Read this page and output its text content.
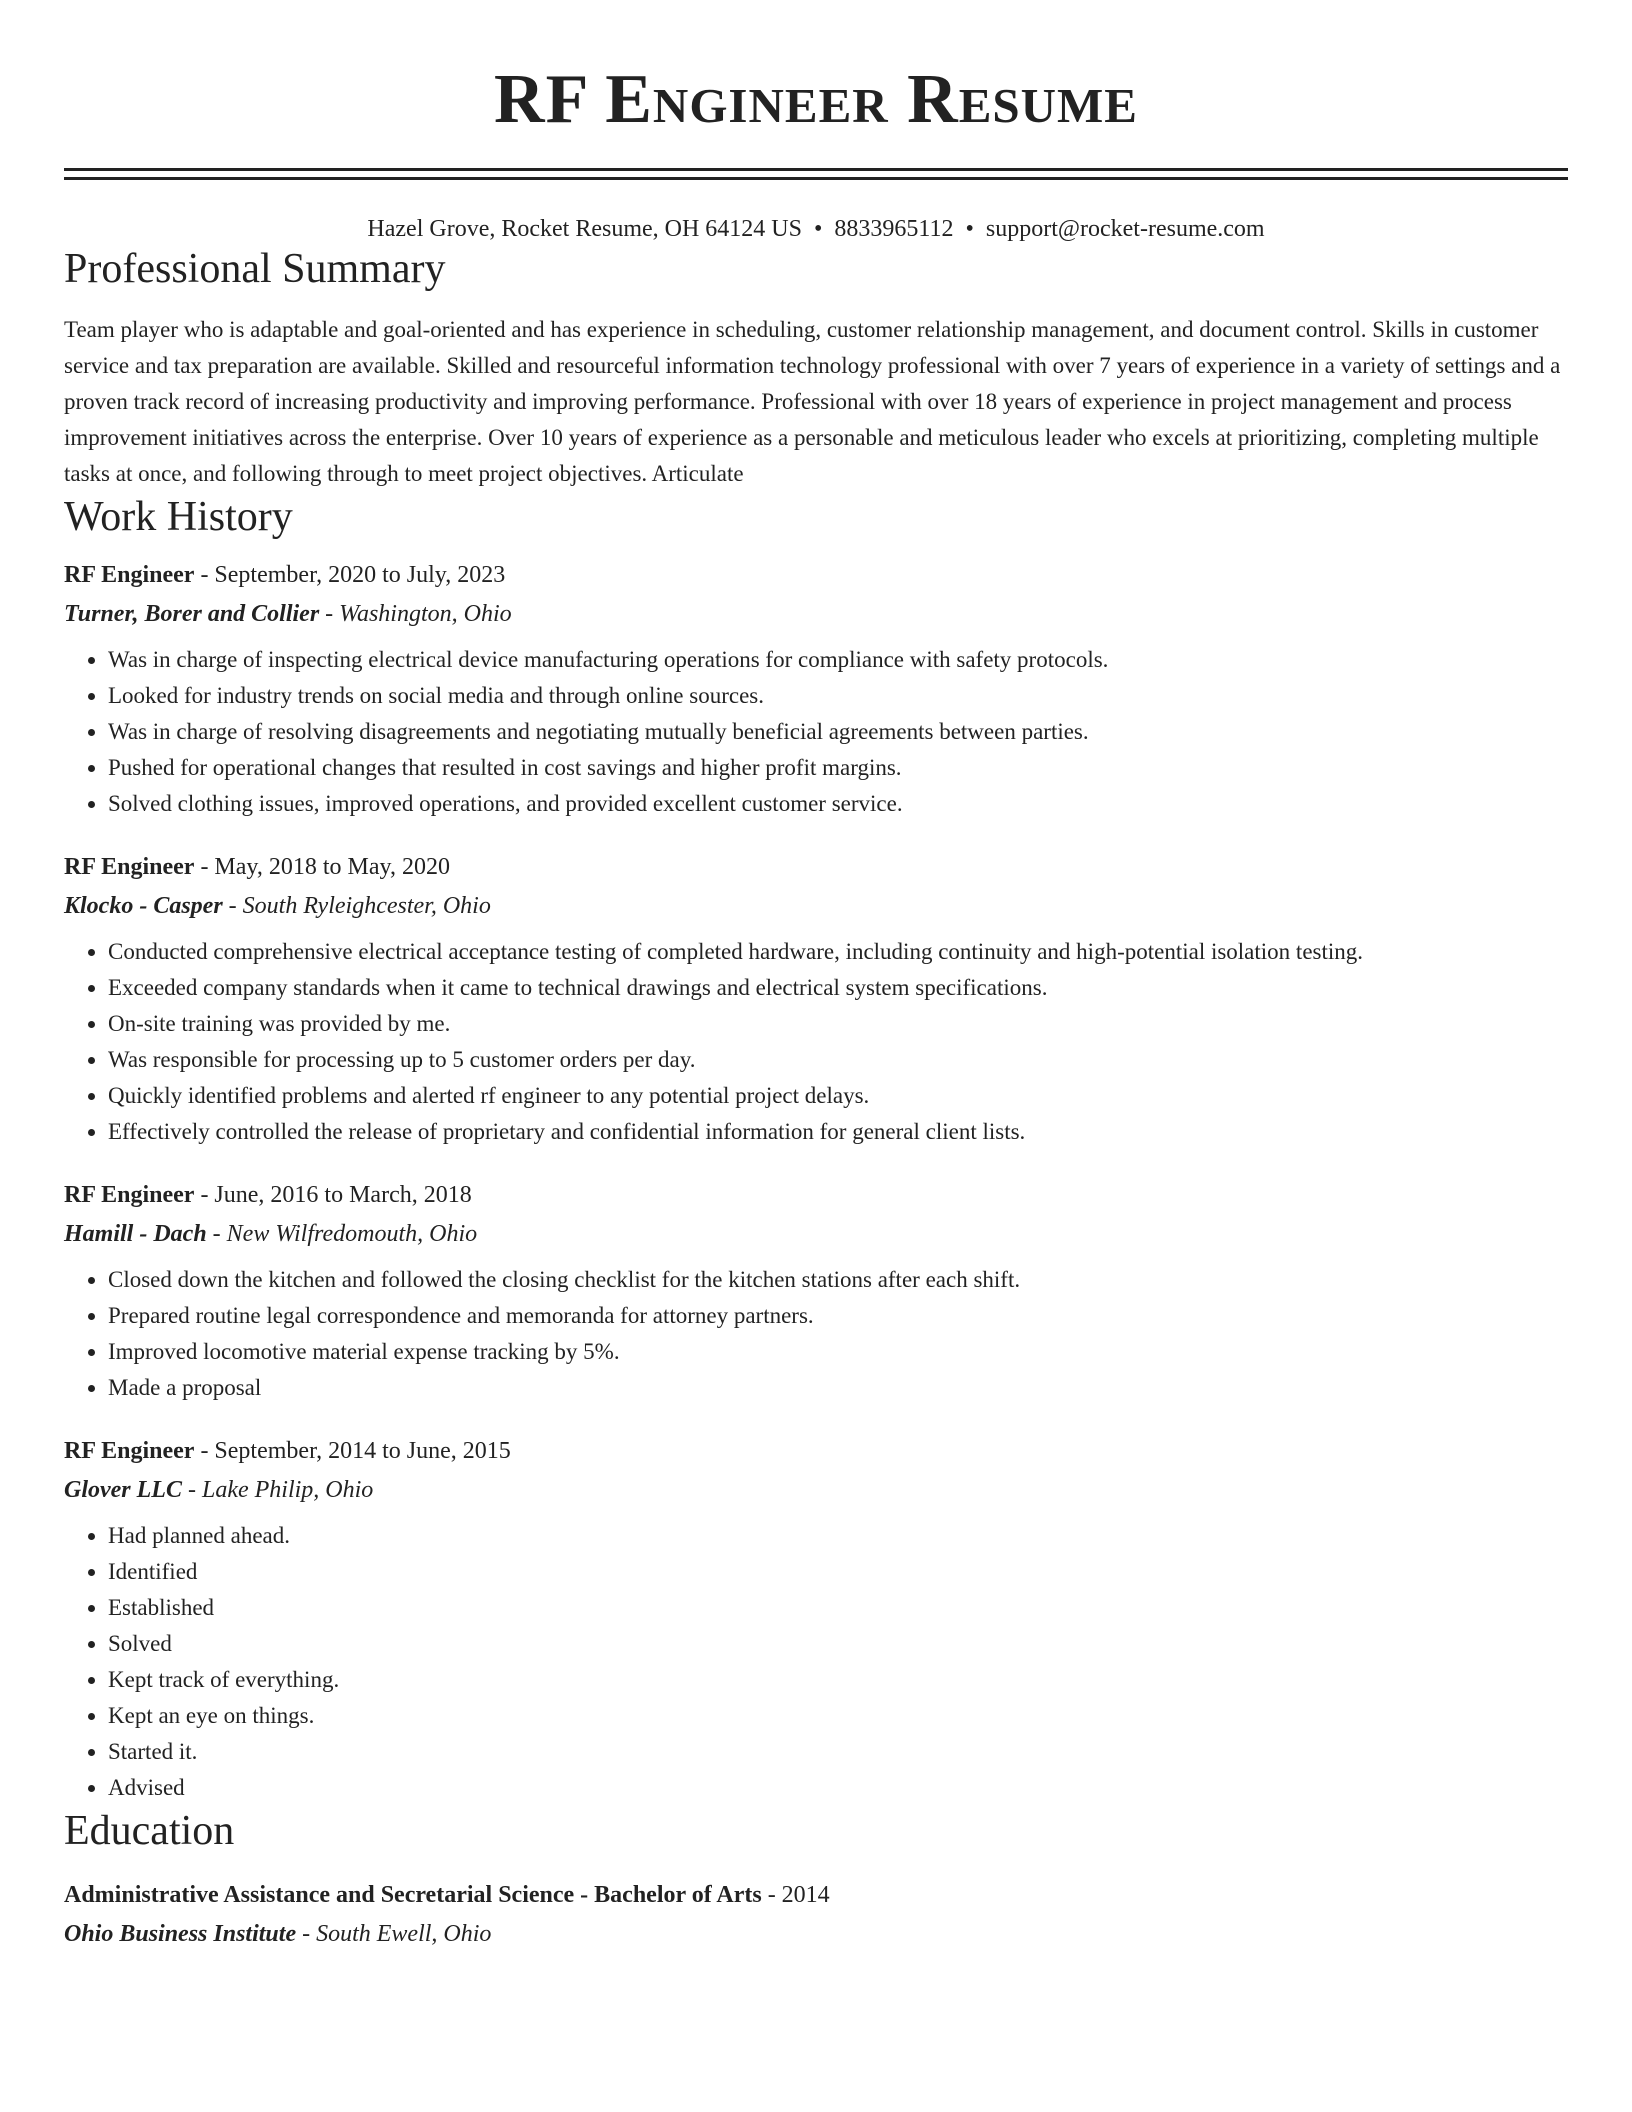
RF Engineer Resume
Hazel Grove, Rocket Resume, OH 64124 US • 8833965112 • support@rocket-resume.com
Professional Summary

Team player who is adaptable and goal-oriented and has experience in scheduling, customer relationship management, and document control. Skills in customer service and tax preparation are available. Skilled and resourceful information technology professional with over 7 years of experience in a variety of settings and a proven track record of increasing productivity and improving performance. Professional with over 18 years of experience in project management and process improvement initiatives across the enterprise. Over 10 years of experience as a personable and meticulous leader who excels at prioritizing, completing multiple tasks at once, and following through to meet project objectives. Articulate

Work History
RF Engineer - September, 2020 to July, 2023
Turner, Borer and Collier - Washington, Ohio
• Was in charge of inspecting electrical device manufacturing operations for compliance with safety protocols.
• Looked for industry trends on social media and through online sources.
• Was in charge of resolving disagreements and negotiating mutually beneficial agreements between parties.
• Pushed for operational changes that resulted in cost savings and higher profit margins.
• Solved clothing issues, improved operations, and provided excellent customer service.
RF Engineer - May, 2018 to May, 2020
Klocko - Casper - South Ryleighcester, Ohio
• Conducted comprehensive electrical acceptance testing of completed hardware, including continuity and high-potential isolation testing.
• Exceeded company standards when it came to technical drawings and electrical system specifications.
• On-site training was provided by me.
• Was responsible for processing up to 5 customer orders per day.
• Quickly identified problems and alerted rf engineer to any potential project delays.
• Effectively controlled the release of proprietary and confidential information for general client lists.
RF Engineer - June, 2016 to March, 2018
Hamill - Dach - New Wilfredomouth, Ohio
• Closed down the kitchen and followed the closing checklist for the kitchen stations after each shift.
• Prepared routine legal correspondence and memoranda for attorney partners.
• Improved locomotive material expense tracking by 5%.
• Made a proposal
RF Engineer - September, 2014 to June, 2015
Glover LLC - Lake Philip, Ohio
• Had planned ahead.
• Identified
• Established
• Solved
• Kept track of everything.
• Kept an eye on things.
• Started it.
• Advised
Education
Administrative Assistance and Secretarial Science - Bachelor of Arts - 2014
Ohio Business Institute - South Ewell, Ohio
